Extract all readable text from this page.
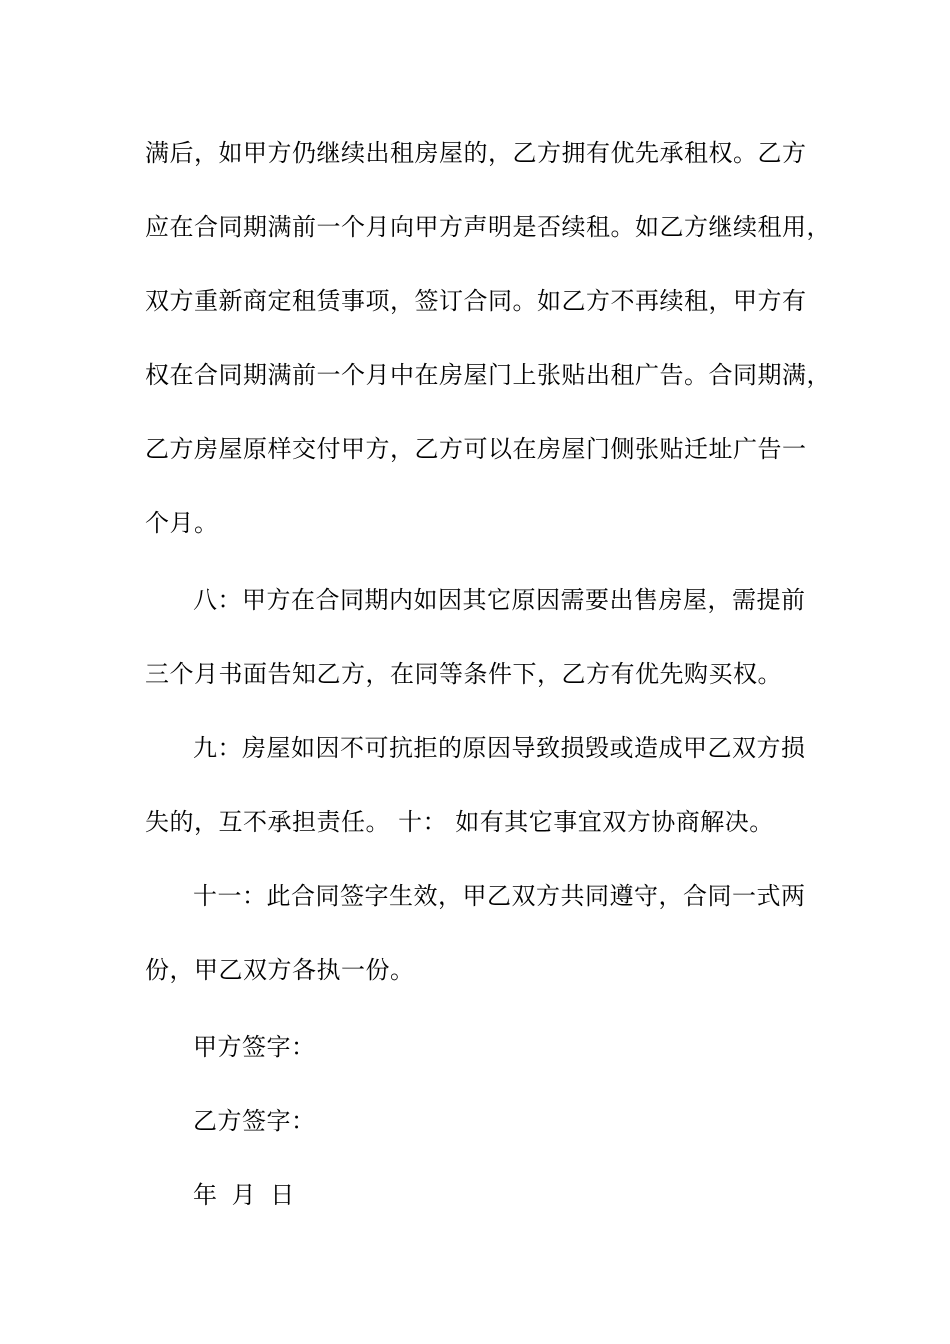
满后，如甲方仍继续出租房屋的，乙方拥有优先承租权。乙方
应在合同期满前一个月向甲方声明是否续租。如乙方继续租用，
双方重新商定租赁事项，签订合同。如乙方不再续租，甲方有
权在合同期满前一个月中在房屋门上张贴出租广告。合同期满，
乙方房屋原样交付甲方，乙方可以在房屋门侧张贴迁址广告一
个月。
八：甲方在合同期内如因其它原因需要出售房屋，需提前
三个月书面告知乙方，在同等条件下，乙方有优先购买权。
九：房屋如因不可抗拒的原因导致损毁或造成甲乙双方损
失的，互不承担责任。 十： 如有其它事宜双方协商解决。
十一：此合同签字生效，甲乙双方共同遵守，合同一式两
份，甲乙双方各执一份。
甲方签字：
乙方签字：
年 月 日
